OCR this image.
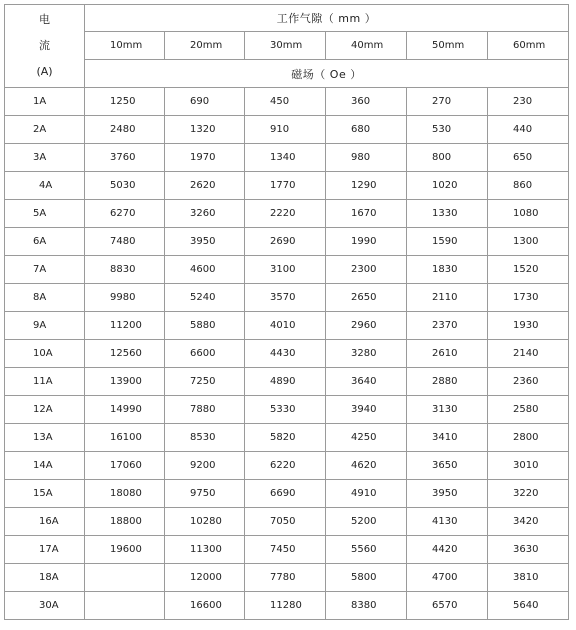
电
流
(A)	工作气隙（ mm ）					
	10mm	20mm	30mm	40mm	50mm	60mm
	磁场（ Oe ）					
1A	1250	690	450	360	270	230
2A	2480	1320	910	680	530	440
3A	3760	1970	1340	980	800	650
4A	5030	2620	1770	1290	1020	860
5A	6270	3260	2220	1670	1330	1080
6A	7480	3950	2690	1990	1590	1300
7A	8830	4600	3100	2300	1830	1520
8A	9980	5240	3570	2650	2110	1730
9A	11200	5880	4010	2960	2370	1930
10A	12560	6600	4430	3280	2610	2140
11A	13900	7250	4890	3640	2880	2360
12A	14990	7880	5330	3940	3130	2580
13A	16100	8530	5820	4250	3410	2800
14A	17060	9200	6220	4620	3650	3010
15A	18080	9750	6690	4910	3950	3220
16A	18800	10280	7050	5200	4130	3420
17A	19600	11300	7450	5560	4420	3630
18A		12000	7780	5800	4700	3810
30A		16600	11280	8380	6570	5640
